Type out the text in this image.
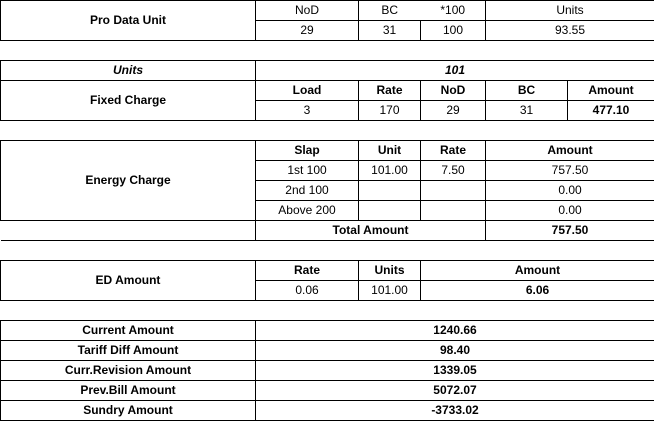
Pro Data Unit	NoD	BC	*100	Units	
	29	31	100	93.55	

Units	101				
Fixed Charge	Load	Rate	NoD	BC	Amount
	3	170	29	31	477.10

Energy Charge	Slap	Unit	Rate	Amount	
	1st 100	101.00	7.50	757.50	
	2nd 100			0.00	
	Above 200			0.00	
	Total Amount			757.50	

ED Amount	Rate	Units	Amount		
	0.06	101.00	6.06		

Current Amount	1240.66				
Tariff Diff Amount	98.40				
Curr.Revision Amount	1339.05				
Prev.Bill Amount	5072.07				
Sundry Amount	-3733.02				
